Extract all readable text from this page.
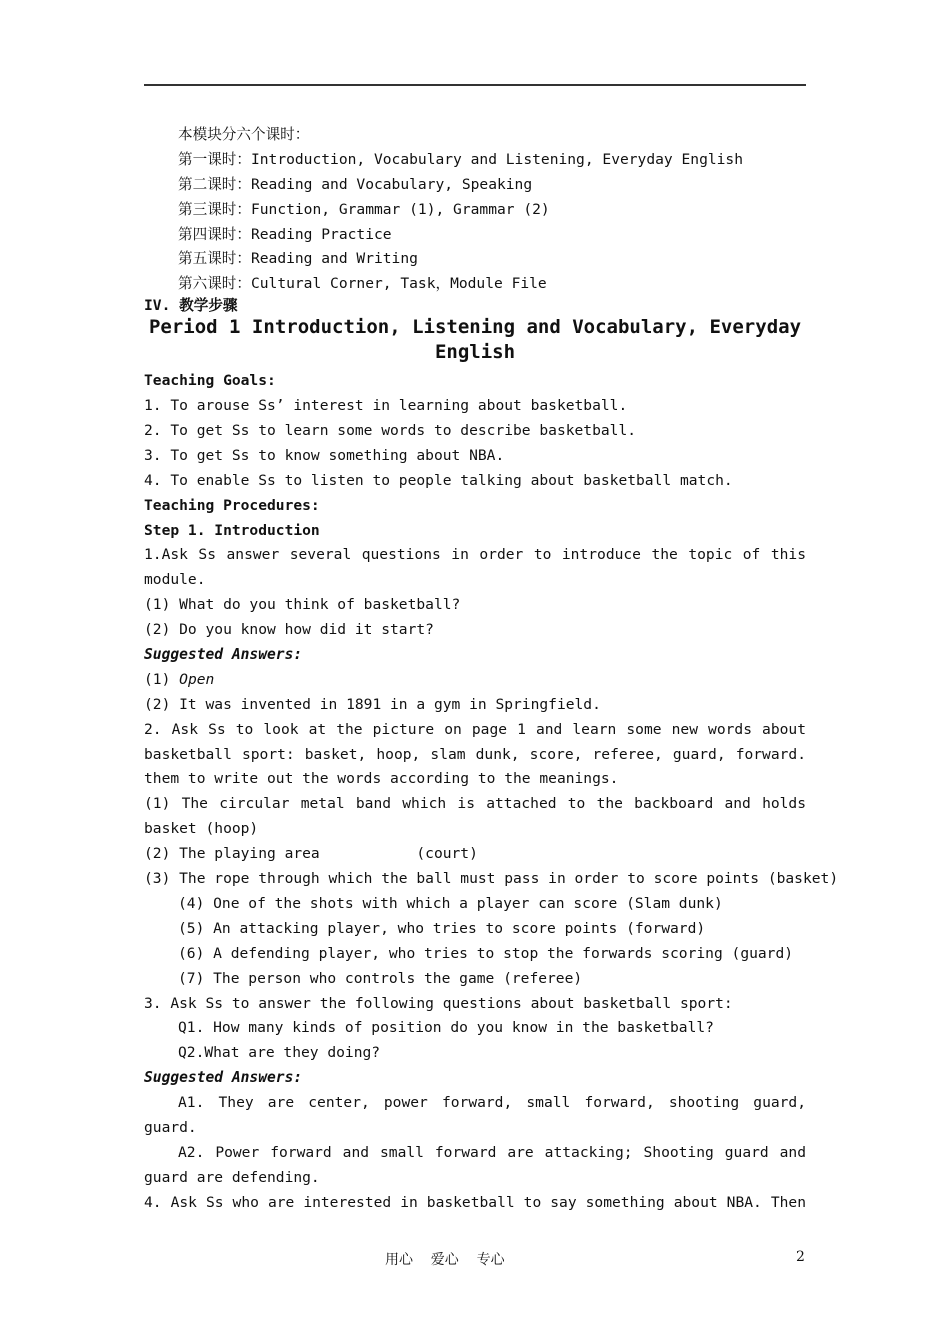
本模块分六个课时：
第一课时：Introduction, Vocabulary and Listening, Everyday English
第二课时：Reading and Vocabulary, Speaking
第三课时：Function, Grammar (1), Grammar (2)
第四课时：Reading Practice
第五课时：Reading and Writing
第六课时：Cultural Corner, Task，Module File
IV. 教学步骤
Period 1 Introduction, Listening and Vocabulary, Everyday English
Teaching Goals:
1. To arouse Ss’ interest in learning about basketball.
2. To get Ss to learn some words to describe basketball.
3. To get Ss to know something about NBA.
4. To enable Ss to listen to people talking about basketball match.
Teaching Procedures:
Step 1. Introduction
1.Ask Ss answer several questions in order to introduce the topic of this
module.
(1) What do you think of basketball?
(2) Do you know how did it start?
Suggested Answers:
(1) Open
(2) It was invented in 1891 in a gym in Springfield.
2. Ask Ss to look at the picture on page 1 and learn some new words about
basketball sport: basket, hoop, slam dunk, score, referee, guard, forward.
them to write out the words according to the meanings.
(1) The circular metal band which is attached to the backboard and holds
basket (hoop)
(2) The playing area           (court)
(3) The rope through which the ball must pass in order to score points (basket)
(4) One of the shots with which a player can score (Slam dunk)
(5) An attacking player, who tries to score points (forward)
(6) A defending player, who tries to stop the forwards scoring (guard)
(7) The person who controls the game (referee)
3. Ask Ss to answer the following questions about basketball sport:
Q1. How many kinds of position do you know in the basketball?
Q2.What are they doing?
Suggested Answers:
A1. They are center, power forward, small forward, shooting guard,
guard.
A2. Power forward and small forward are attacking; Shooting guard and
guard are defending.
4. Ask Ss who are interested in basketball to say something about NBA. Then
用心    爱心    专心	2
